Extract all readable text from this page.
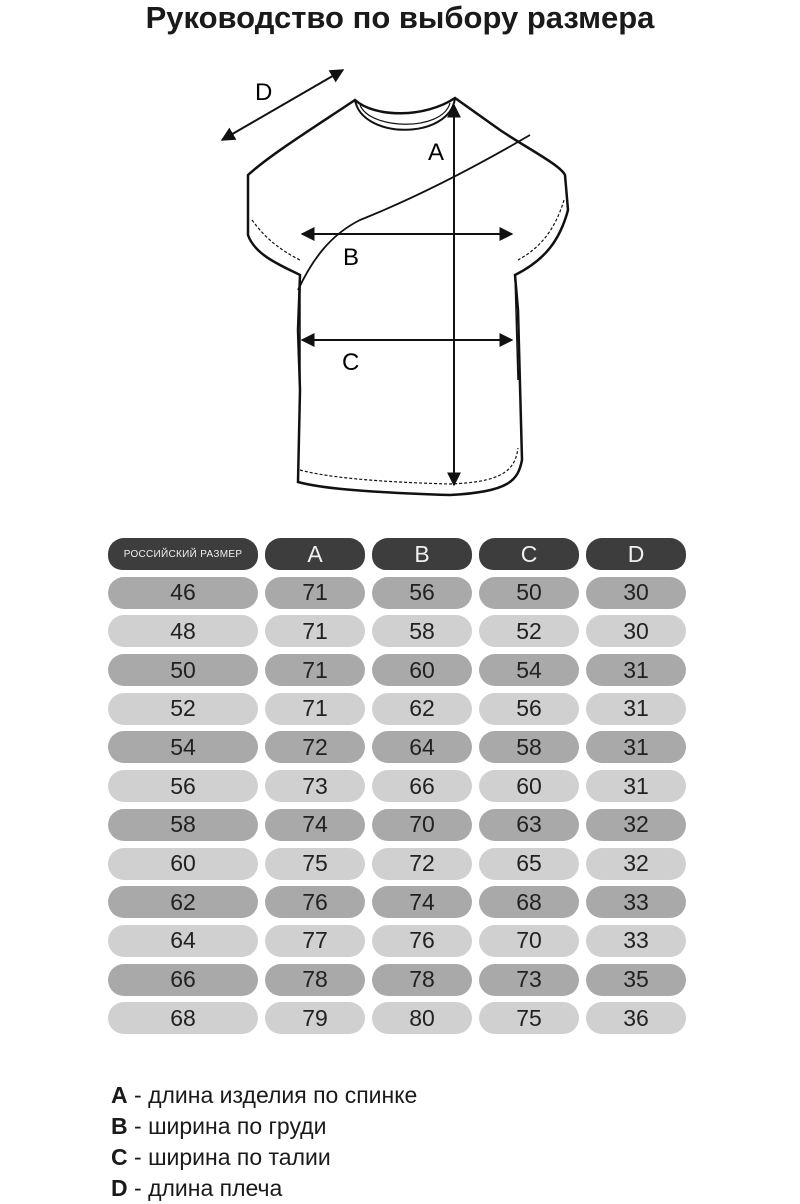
Руководство по выбору размера
A
B
C
D
РОССИЙСКИЙ РАЗМЕР	A	B	C	D
46	71	56	50	30
48	71	58	52	30
50	71	60	54	31
52	71	62	56	31
54	72	64	58	31
56	73	66	60	31
58	74	70	63	32
60	75	72	65	32
62	76	74	68	33
64	77	76	70	33
66	78	78	73	35
68	79	80	75	36
A - длина изделия по спинке
B - ширина по груди
C - ширина по талии
D - длина плеча
